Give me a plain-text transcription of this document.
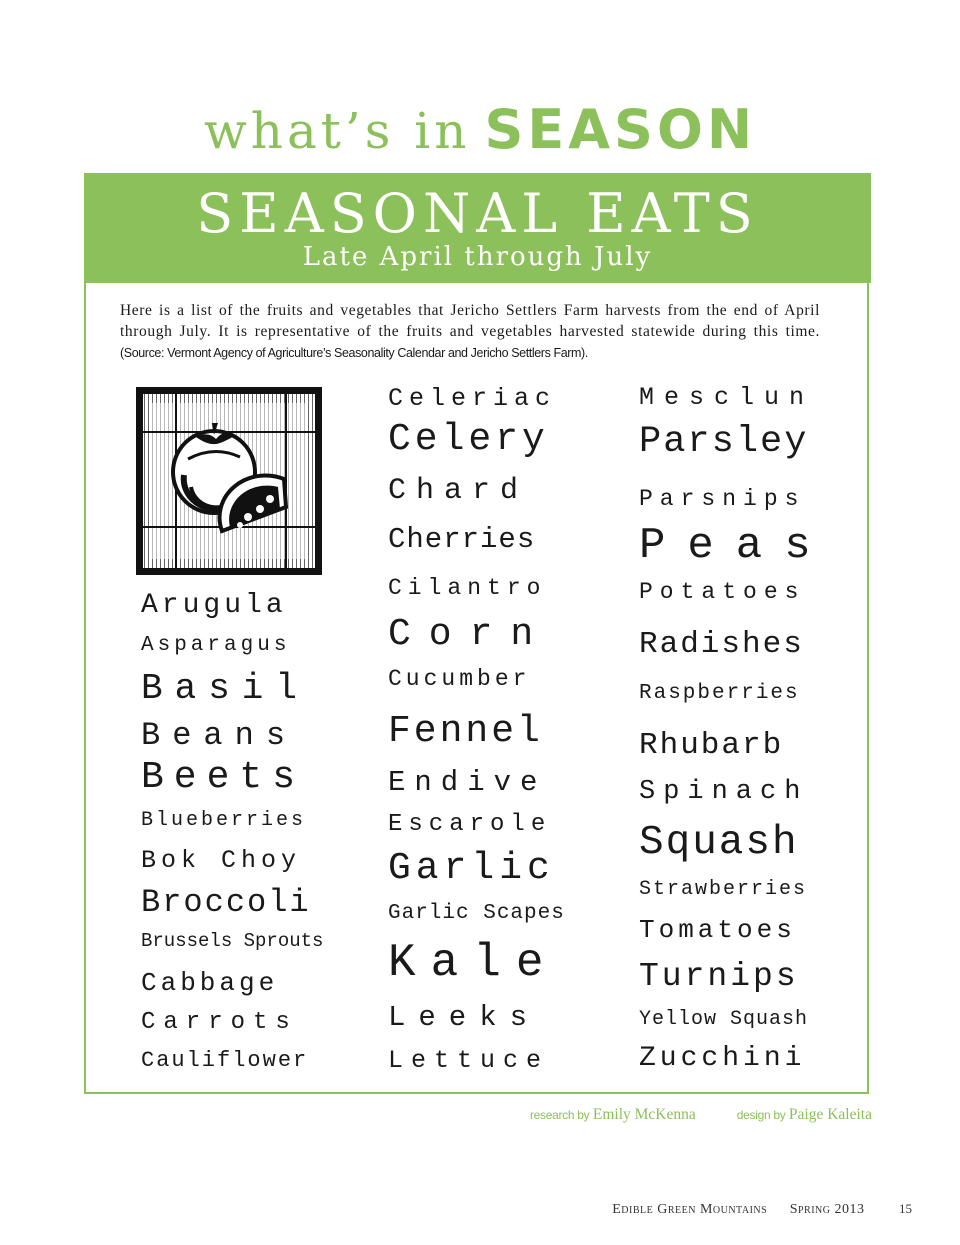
what’s in SEASON
SEASONAL EATS
Late April through July
Here is a list of the fruits and vegetables that Jericho Settlers Farm harvests from the end of April through July. It is representative of the fruits and vegetables harvested statewide during this time. (Source: Vermont Agency of Agriculture’s Seasonality Calendar and Jericho Settlers Farm).
Arugula
Asparagus
Basil
Beans
Beets
Blueberries
Bok Choy
Broccoli
Brussels Sprouts
Cabbage
Carrots
Cauliflower
Celeriac
Celery
Chard
Cherries
Cilantro
Corn
Cucumber
Fennel
Endive
Escarole
Garlic
Garlic Scapes
Kale
Leeks
Lettuce
Mesclun
Parsley
Parsnips
Peas
Potatoes
Radishes
Raspberries
Rhubarb
Spinach
Squash
Strawberries
Tomatoes
Turnips
Yellow Squash
Zucchini
research by Emily McKenna	design by Paige Kaleita
Edible Green Mountains Spring 2013	15
